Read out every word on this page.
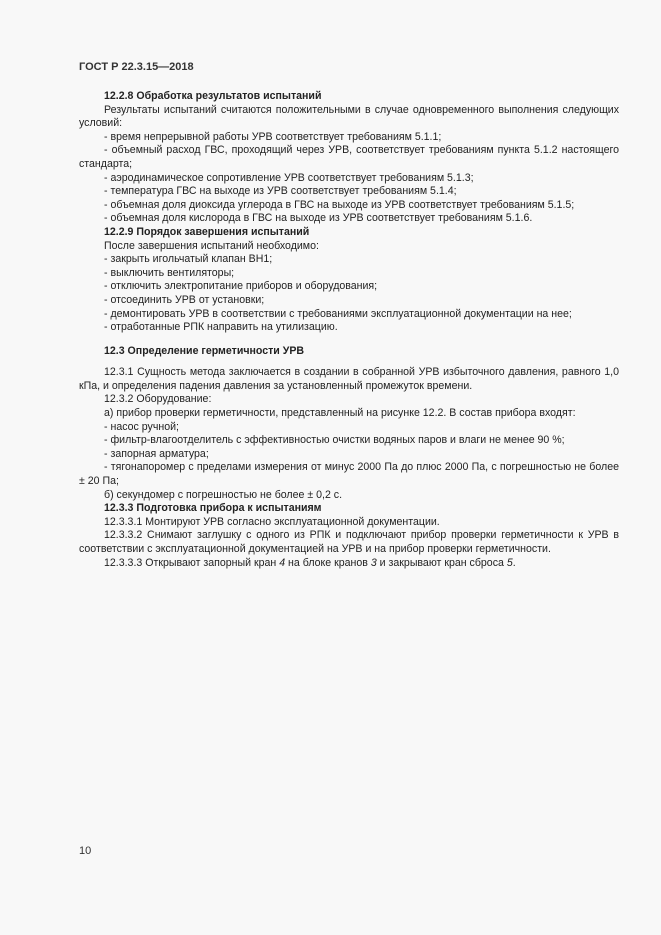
ГОСТ Р 22.3.15—2018

12.2.8 Обработка результатов испытаний

Результаты испытаний считаются положительными в случае одновременного выполнения следующих условий:

- время непрерывной работы УРВ соответствует требованиям 5.1.1;

- объемный расход ГВС, проходящий через УРВ, соответствует требованиям пункта 5.1.2 настоящего стандарта;

- аэродинамическое сопротивление УРВ соответствует требованиям 5.1.3;

- температура ГВС на выходе из УРВ соответствует требованиям 5.1.4;

- объемная доля диоксида углерода в ГВС на выходе из УРВ соответствует требованиям 5.1.5;

- объемная доля кислорода в ГВС на выходе из УРВ соответствует требованиям 5.1.6.

12.2.9 Порядок завершения испытаний

После завершения испытаний необходимо:

- закрыть игольчатый клапан ВН1;

- выключить вентиляторы;

- отключить электропитание приборов и оборудования;

- отсоединить УРВ от установки;

- демонтировать УРВ в соответствии с требованиями эксплуатационной документации на нее;

- отработанные РПК направить на утилизацию.

12.3 Определение герметичности УРВ

12.3.1 Сущность метода заключается в создании в собранной УРВ избыточного давления, равного 1,0 кПа, и определения падения давления за установленный промежуток времени.

12.3.2 Оборудование:

а) прибор проверки герметичности, представленный на рисунке 12.2. В состав прибора входят:

- насос ручной;

- фильтр-влагоотделитель с эффективностью очистки водяных паров и влаги не менее 90 %;

- запорная арматура;

- тягонапоромер с пределами измерения от минус 2000 Па до плюс 2000 Па, с погрешностью не более ± 20 Па;

б) секундомер с погрешностью не более ± 0,2 с.

12.3.3 Подготовка прибора к испытаниям

12.3.3.1 Монтируют УРВ согласно эксплуатационной документации.

12.3.3.2 Снимают заглушку с одного из РПК и подключают прибор проверки герметичности к УРВ в соответствии с эксплуатационной документацией на УРВ и на прибор проверки герметичности.

12.3.3.3 Открывают запорный кран 4 на блоке кранов 3 и закрывают кран сброса 5.

10
